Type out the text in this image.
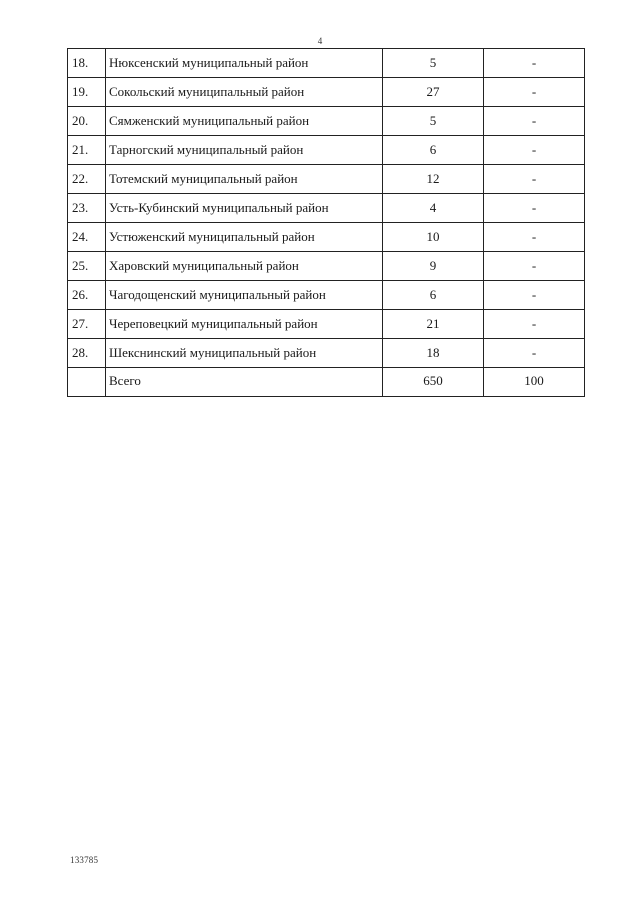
4
18.	Нюксенский муниципальный район	5	-
19.	Сокольский муниципальный район	27	-
20.	Сямженский муниципальный район	5	-
21.	Тарногский муниципальный район	6	-
22.	Тотемский муниципальный район	12	-
23.	Усть-Кубинский муниципальный район	4	-
24.	Устюженский муниципальный район	10	-
25.	Харовский муниципальный район	9	-
26.	Чагодощенский муниципальный район	6	-
27.	Череповецкий муниципальный район	21	-
28.	Шекснинский муниципальный район	18	-
	Всего	650	100
133785
